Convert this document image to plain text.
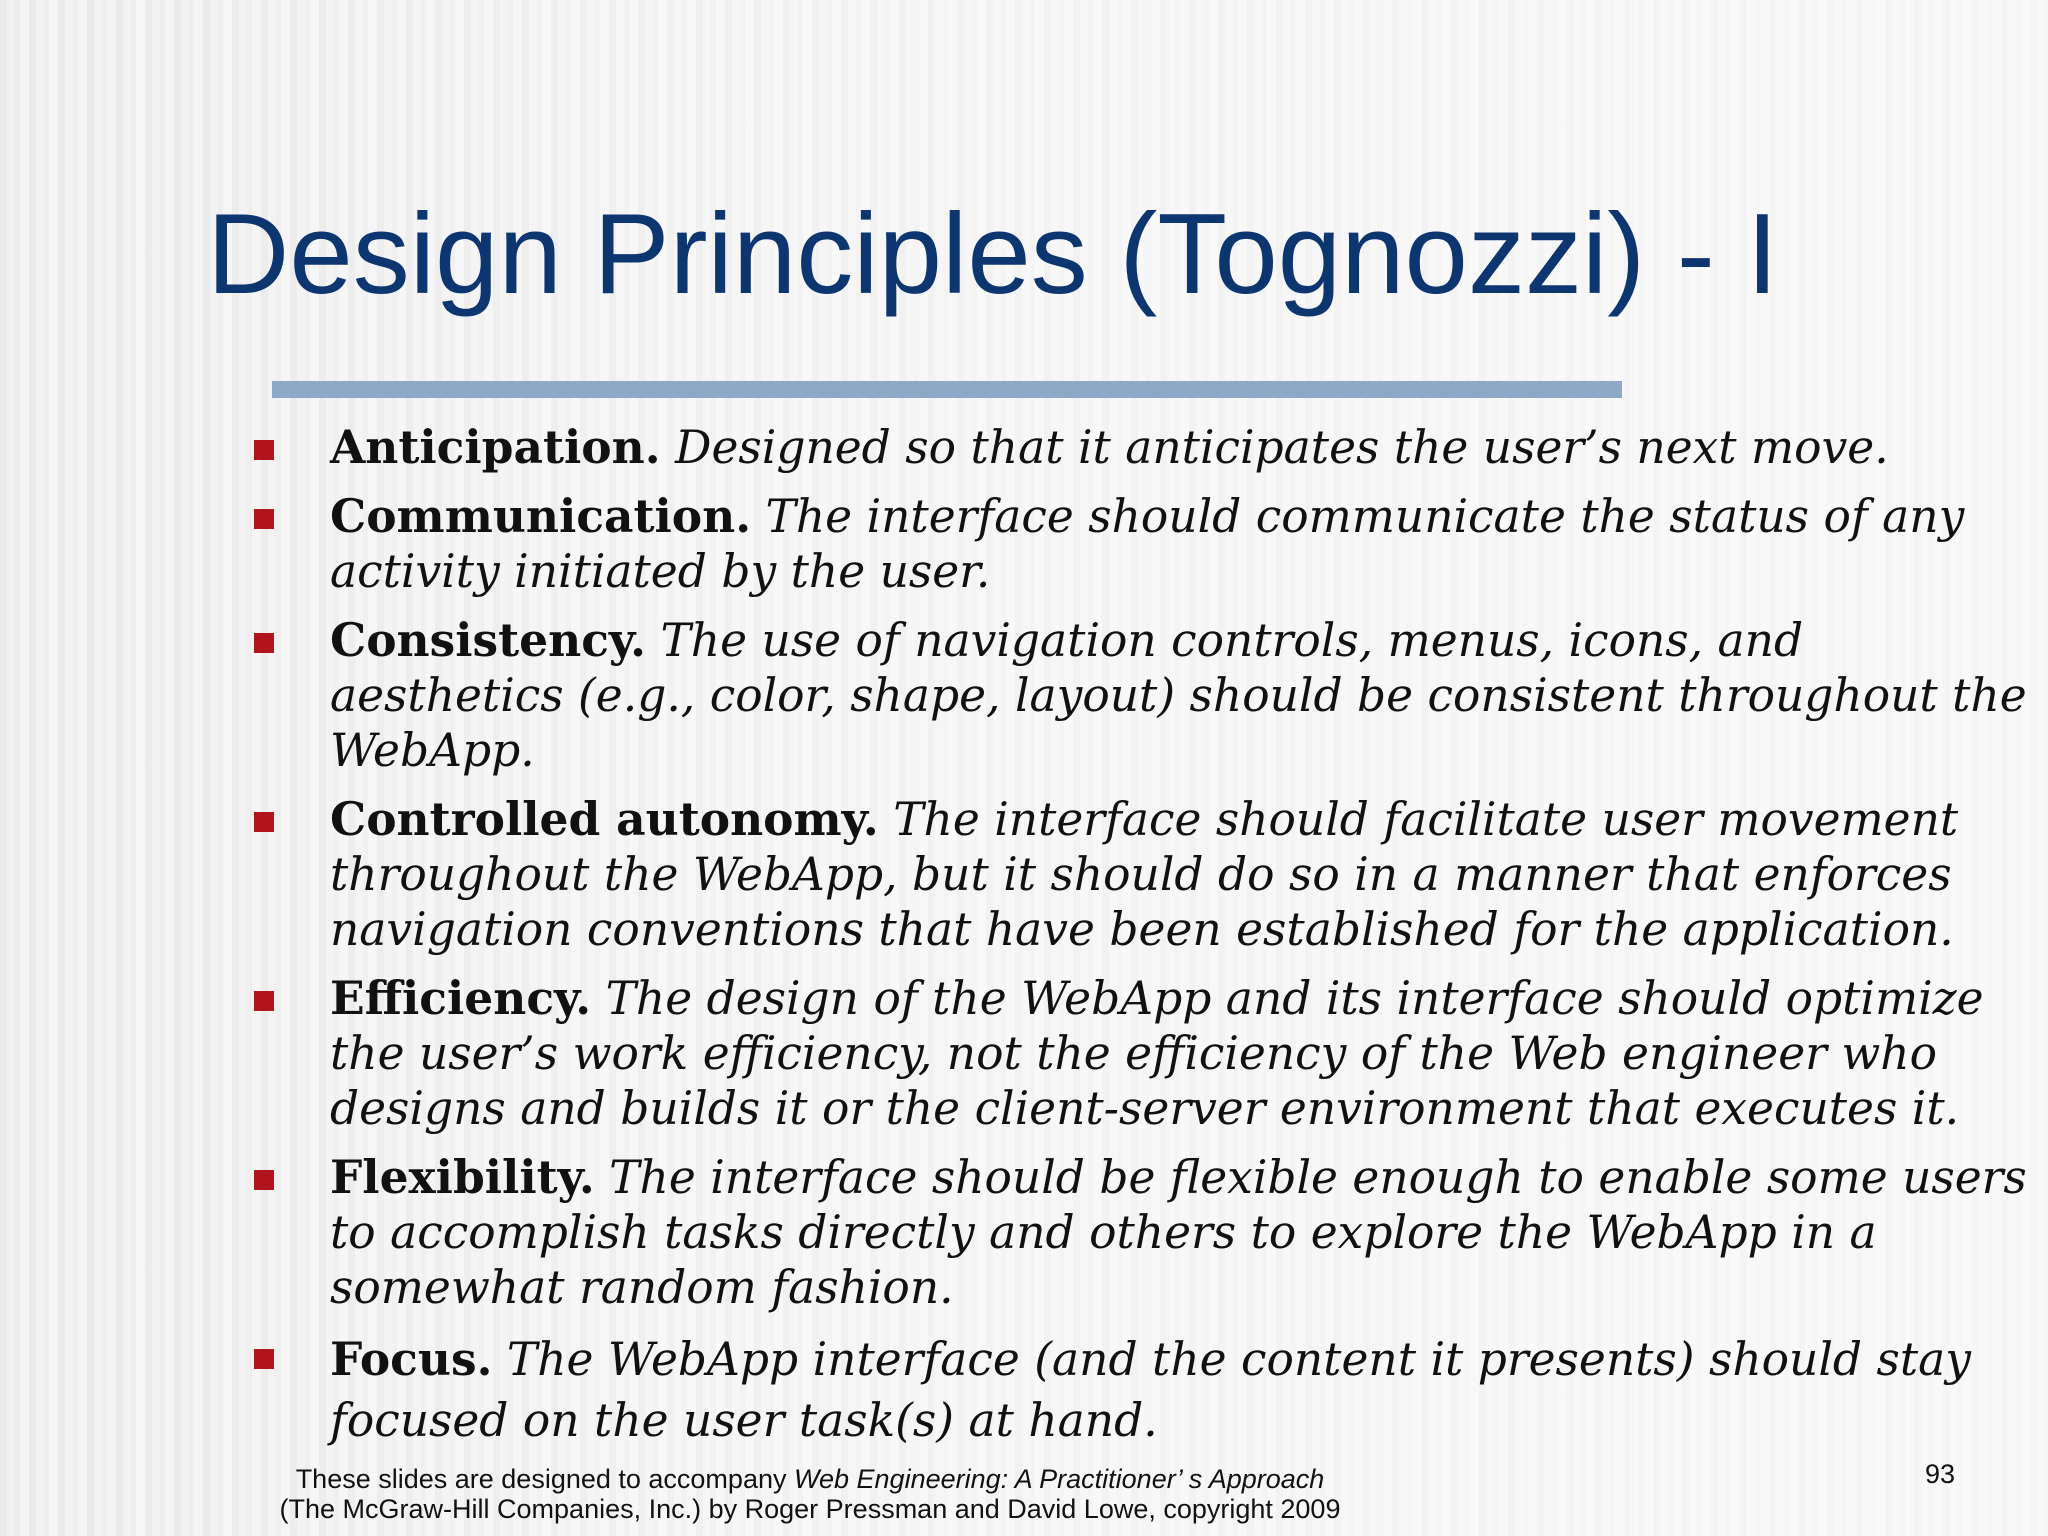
Design Principles (Tognozzi) - I
Anticipation. Designed so that it anticipates the user’s next move.
Communication. The interface should communicate the status of any activity initiated by the user.
Consistency. The use of navigation controls, menus, icons, and aesthetics (e.g., color, shape, layout) should be consistent throughout the WebApp.
Controlled autonomy. The interface should facilitate user movement throughout the WebApp, but it should do so in a manner that enforces navigation conventions that have been established for the application.
Efficiency. The design of the WebApp and its interface should optimize the user’s work efficiency, not the efficiency of the Web engineer who designs and builds it or the client-server environment that executes it.
Flexibility. The interface should be flexible enough to enable some users to accomplish tasks directly and others to explore the WebApp in a somewhat random fashion.
Focus. The WebApp interface (and the content it presents) should stay focused on the user task(s) at hand.
These slides are designed to accompany Web Engineering: A Practitioner’ s Approach
(The McGraw-Hill Companies, Inc.) by Roger Pressman and David Lowe, copyright 2009
93
